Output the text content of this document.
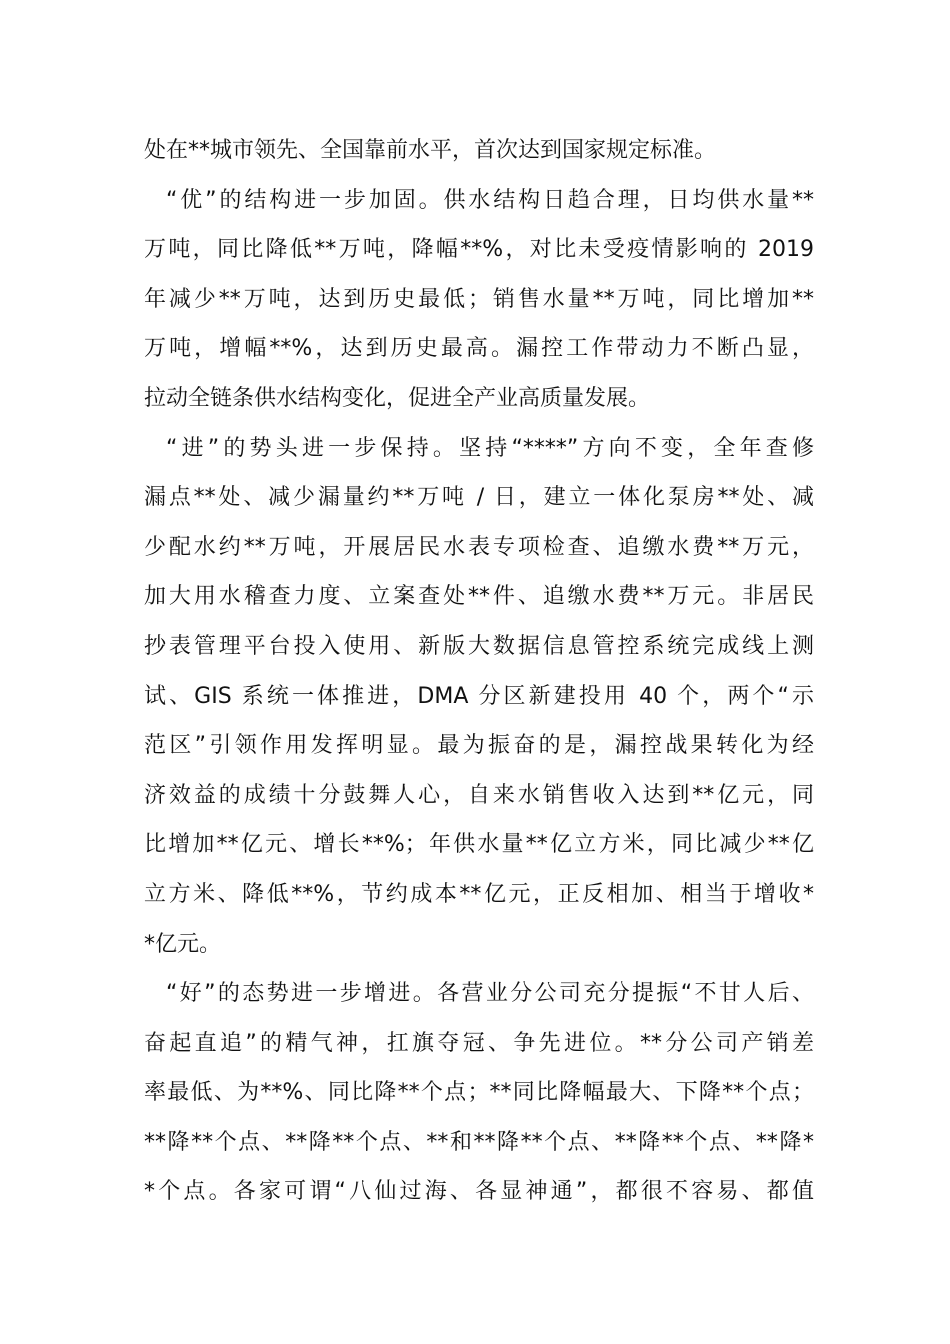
处在**城市领先、全国靠前水平，首次达到国家规定标准。
“优”的结构进一步加固。供水结构日趋合理，日均供水量**
万吨，同比降低**万吨，降幅**%，对比未受疫情影响的 2019
年减少**万吨，达到历史最低；销售水量**万吨，同比增加**
万吨，增幅**%，达到历史最高。漏控工作带动力不断凸显，
拉动全链条供水结构变化，促进全产业高质量发展。
“进”的势头进一步保持。坚持“****”方向不变，全年查修
漏点**处、减少漏量约**万吨 / 日，建立一体化泵房**处、减
少配水约**万吨，开展居民水表专项检查、追缴水费**万元，
加大用水稽查力度、立案查处**件、追缴水费**万元。非居民
抄表管理平台投入使用、新版大数据信息管控系统完成线上测
试、GIS 系统一体推进，DMA 分区新建投用 40 个，两个“示
范区”引领作用发挥明显。最为振奋的是，漏控战果转化为经
济效益的成绩十分鼓舞人心，自来水销售收入达到**亿元，同
比增加**亿元、增长**%；年供水量**亿立方米，同比减少**亿
立方米、降低**%，节约成本**亿元，正反相加、相当于增收*
*亿元。
“好”的态势进一步增进。各营业分公司充分提振“不甘人后、
奋起直追”的精气神，扛旗夺冠、争先进位。**分公司产销差
率最低、为**%、同比降**个点；**同比降幅最大、下降**个点；
**降**个点、**降**个点、**和**降**个点、**降**个点、**降*
*个点。各家可谓“八仙过海、各显神通”，都很不容易、都值
